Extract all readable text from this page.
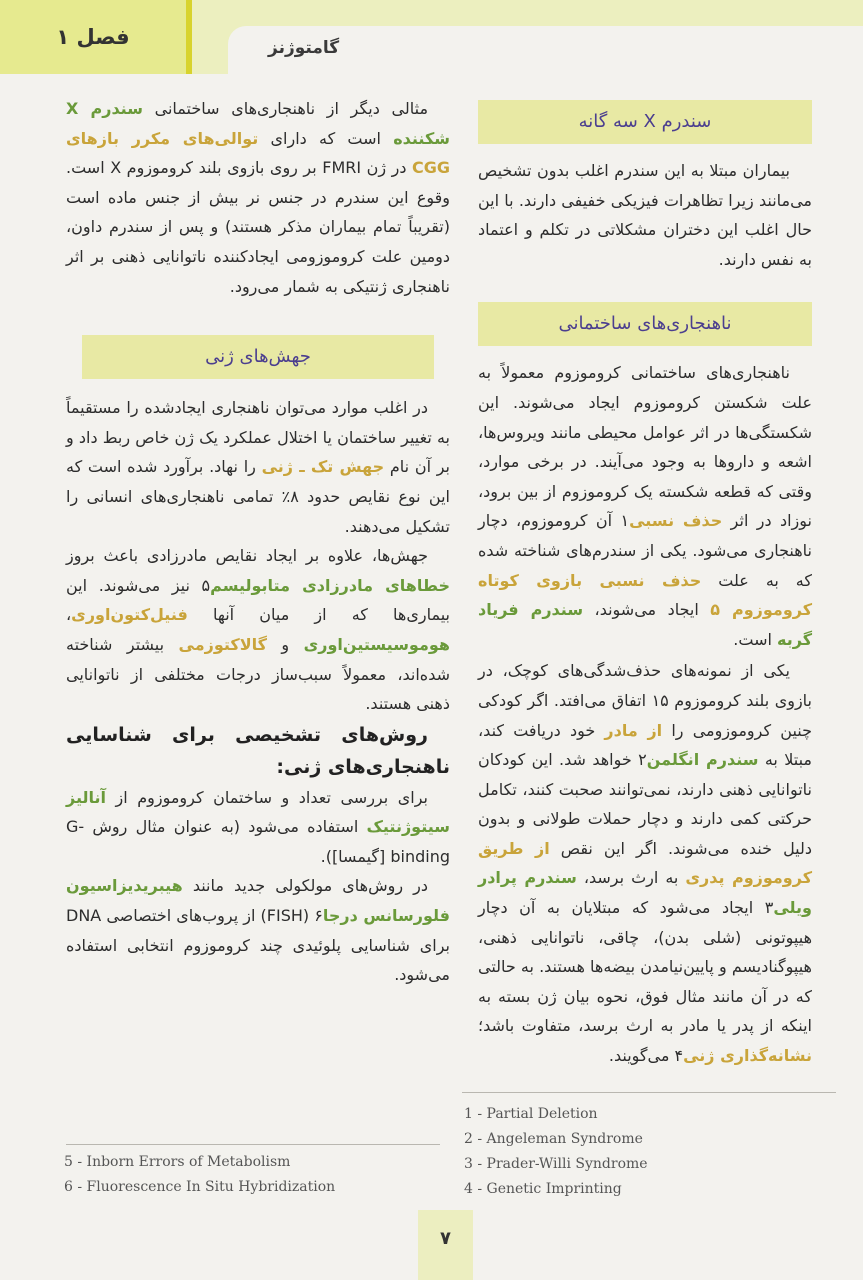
فصل ۱	گامتوژنز
سندرم X سه گانه

بیماران مبتلا به این سندرم اغلب بدون تشخیص می‌مانند زیرا تظاهرات فیزیکی خفیفی دارند. با این حال اغلب این دختران مشکلاتی در تکلم و اعتماد به نفس دارند.

ناهنجاری‌های ساختمانی

ناهنجاری‌های ساختمانی کروموزوم معمولاً به علت شکستن کروموزوم ایجاد می‌شوند. این شکستگی‌ها در اثر عوامل محیطی مانند ویروس‌ها، اشعه و داروها به وجود می‌آیند. در برخی موارد، وقتی که قطعه شکسته یک کروموزوم از بین برود، نوزاد در اثر حذف نسبی۱ آن کروموزوم، دچار ناهنجاری می‌شود. یکی از سندرم‌های شناخته شده که به علت حذف نسبی بازوی کوتاه کروموزوم ۵ ایجاد می‌شوند، سندرم فریاد گربه است.

یکی از نمونه‌های حذف‌شدگی‌های کوچک، در بازوی بلند کروموزوم ۱۵ اتفاق می‌افتد. اگر کودکی چنین کروموزومی را از مادر خود دریافت کند، مبتلا به سندرم انگلمن۲ خواهد شد. این کودکان ناتوانایی ذهنی دارند، نمی‌توانند صحبت کنند، تکامل حرکتی کمی دارند و دچار حملات طولانی و بدون دلیل خنده می‌شوند. اگر این نقص از طریق کروموزوم پدری به ارث برسد، سندرم پرادر ویلی۳ ایجاد می‌شود که مبتلایان به آن دچار هیپوتونی (شلی بدن)، چاقی، ناتوانایی ذهنی، هیپوگنادیسم و پایین‌نیامدن بیضه‌ها هستند. به حالتی که در آن مانند مثال فوق، نحوه بیان ژن بسته به اینکه از پدر یا مادر به ارث برسد، متفاوت باشد؛ نشانه‌گذاری ژنی۴ می‌گویند.

مثالی دیگر از ناهنجاری‌های ساختمانی سندرم X شکننده است که دارای توالی‌های مکرر بازهای CGG در ژن FMRI بر روی بازوی بلند کروموزوم X است. وقوع این سندرم در جنس نر بیش از جنس ماده است (تقریباً تمام بیماران مذکر هستند) و پس از سندرم داون، دومین علت کروموزومی ایجادکننده ناتوانایی ذهنی بر اثر ناهنجاری ژنتیکی به شمار می‌رود.

جهش‌های ژنی

در اغلب موارد می‌توان ناهنجاری ایجادشده را مستقیماً به تغییر ساختمان یا اختلال عملکرد یک ژن خاص ربط داد و بر آن نام جهش تک ـ ژنی را نهاد. برآورد شده است که این نوع نقایص حدود ۸٪ تمامی ناهنجاری‌های انسانی را تشکیل می‌دهند.

جهش‌ها، علاوه بر ایجاد نقایص مادرزادی باعث بروز خطاهای مادرزادی متابولیسم۵ نیز می‌شوند. این بیماری‌ها که از میان آنها فنیل‌کتون‌اوری، هوموسیستین‌اوری و گالاکتوزمی بیشتر شناخته شده‌اند، معمولاً سبب‌ساز درجات مختلفی از ناتوانایی ذهنی هستند.

روش‌های تشخیصی برای شناسایی ناهنجاری‌های ژنی:

برای بررسی تعداد و ساختمان کروموزوم از آنالیز سیتوژنتیک استفاده می‌شود (به عنوان مثال روش G-binding [گیمسا]).

در روش‌های مولکولی جدید مانند هیبریدیزاسیون فلورسانس درجا۶ (FISH) از پروب‌های اختصاصی DNA برای شناسایی پلوئیدی چند کروموزوم انتخابی استفاده می‌شود.

1 - Partial Deletion
2 - Angeleman Syndrome
3 - Prader-Willi Syndrome
4 - Genetic Imprinting
5 - Inborn Errors of Metabolism
6 - Fluorescence In Situ Hybridization
۷
